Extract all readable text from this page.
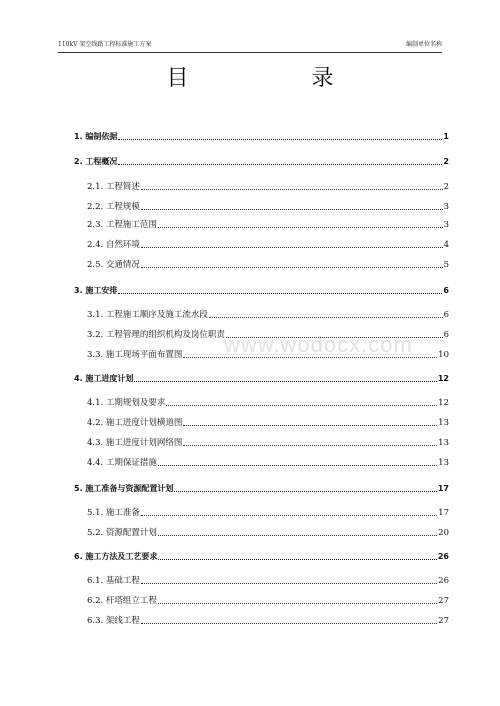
110kV 架空线路工程标准施工方案	编制单位名称
目 录
www.wodocx.com
1. 编制依据	1
2. 工程概况	2
2.1. 工程简述	2
2.2. 工程规模	3
2.3. 工程施工范围	3
2.4. 自然环境	4
2.5. 交通情况	5
3. 施工安排	6
3.1. 工程施工顺序及施工流水段	6
3.2. 工程管理的组织机构及岗位职责	6
3.3. 施工现场平面布置图	10
4. 施工进度计划	12
4.1. 工期规划及要求	12
4.2. 施工进度计划横道图	13
4.3. 施工进度计划网络图	13
4.4. 工期保证措施	13
5. 施工准备与资源配置计划	17
5.1. 施工准备	17
5.2. 资源配置计划	20
6. 施工方法及工艺要求	26
6.1. 基础工程	26
6.2. 杆塔组立工程	27
6.3. 架线工程	27
